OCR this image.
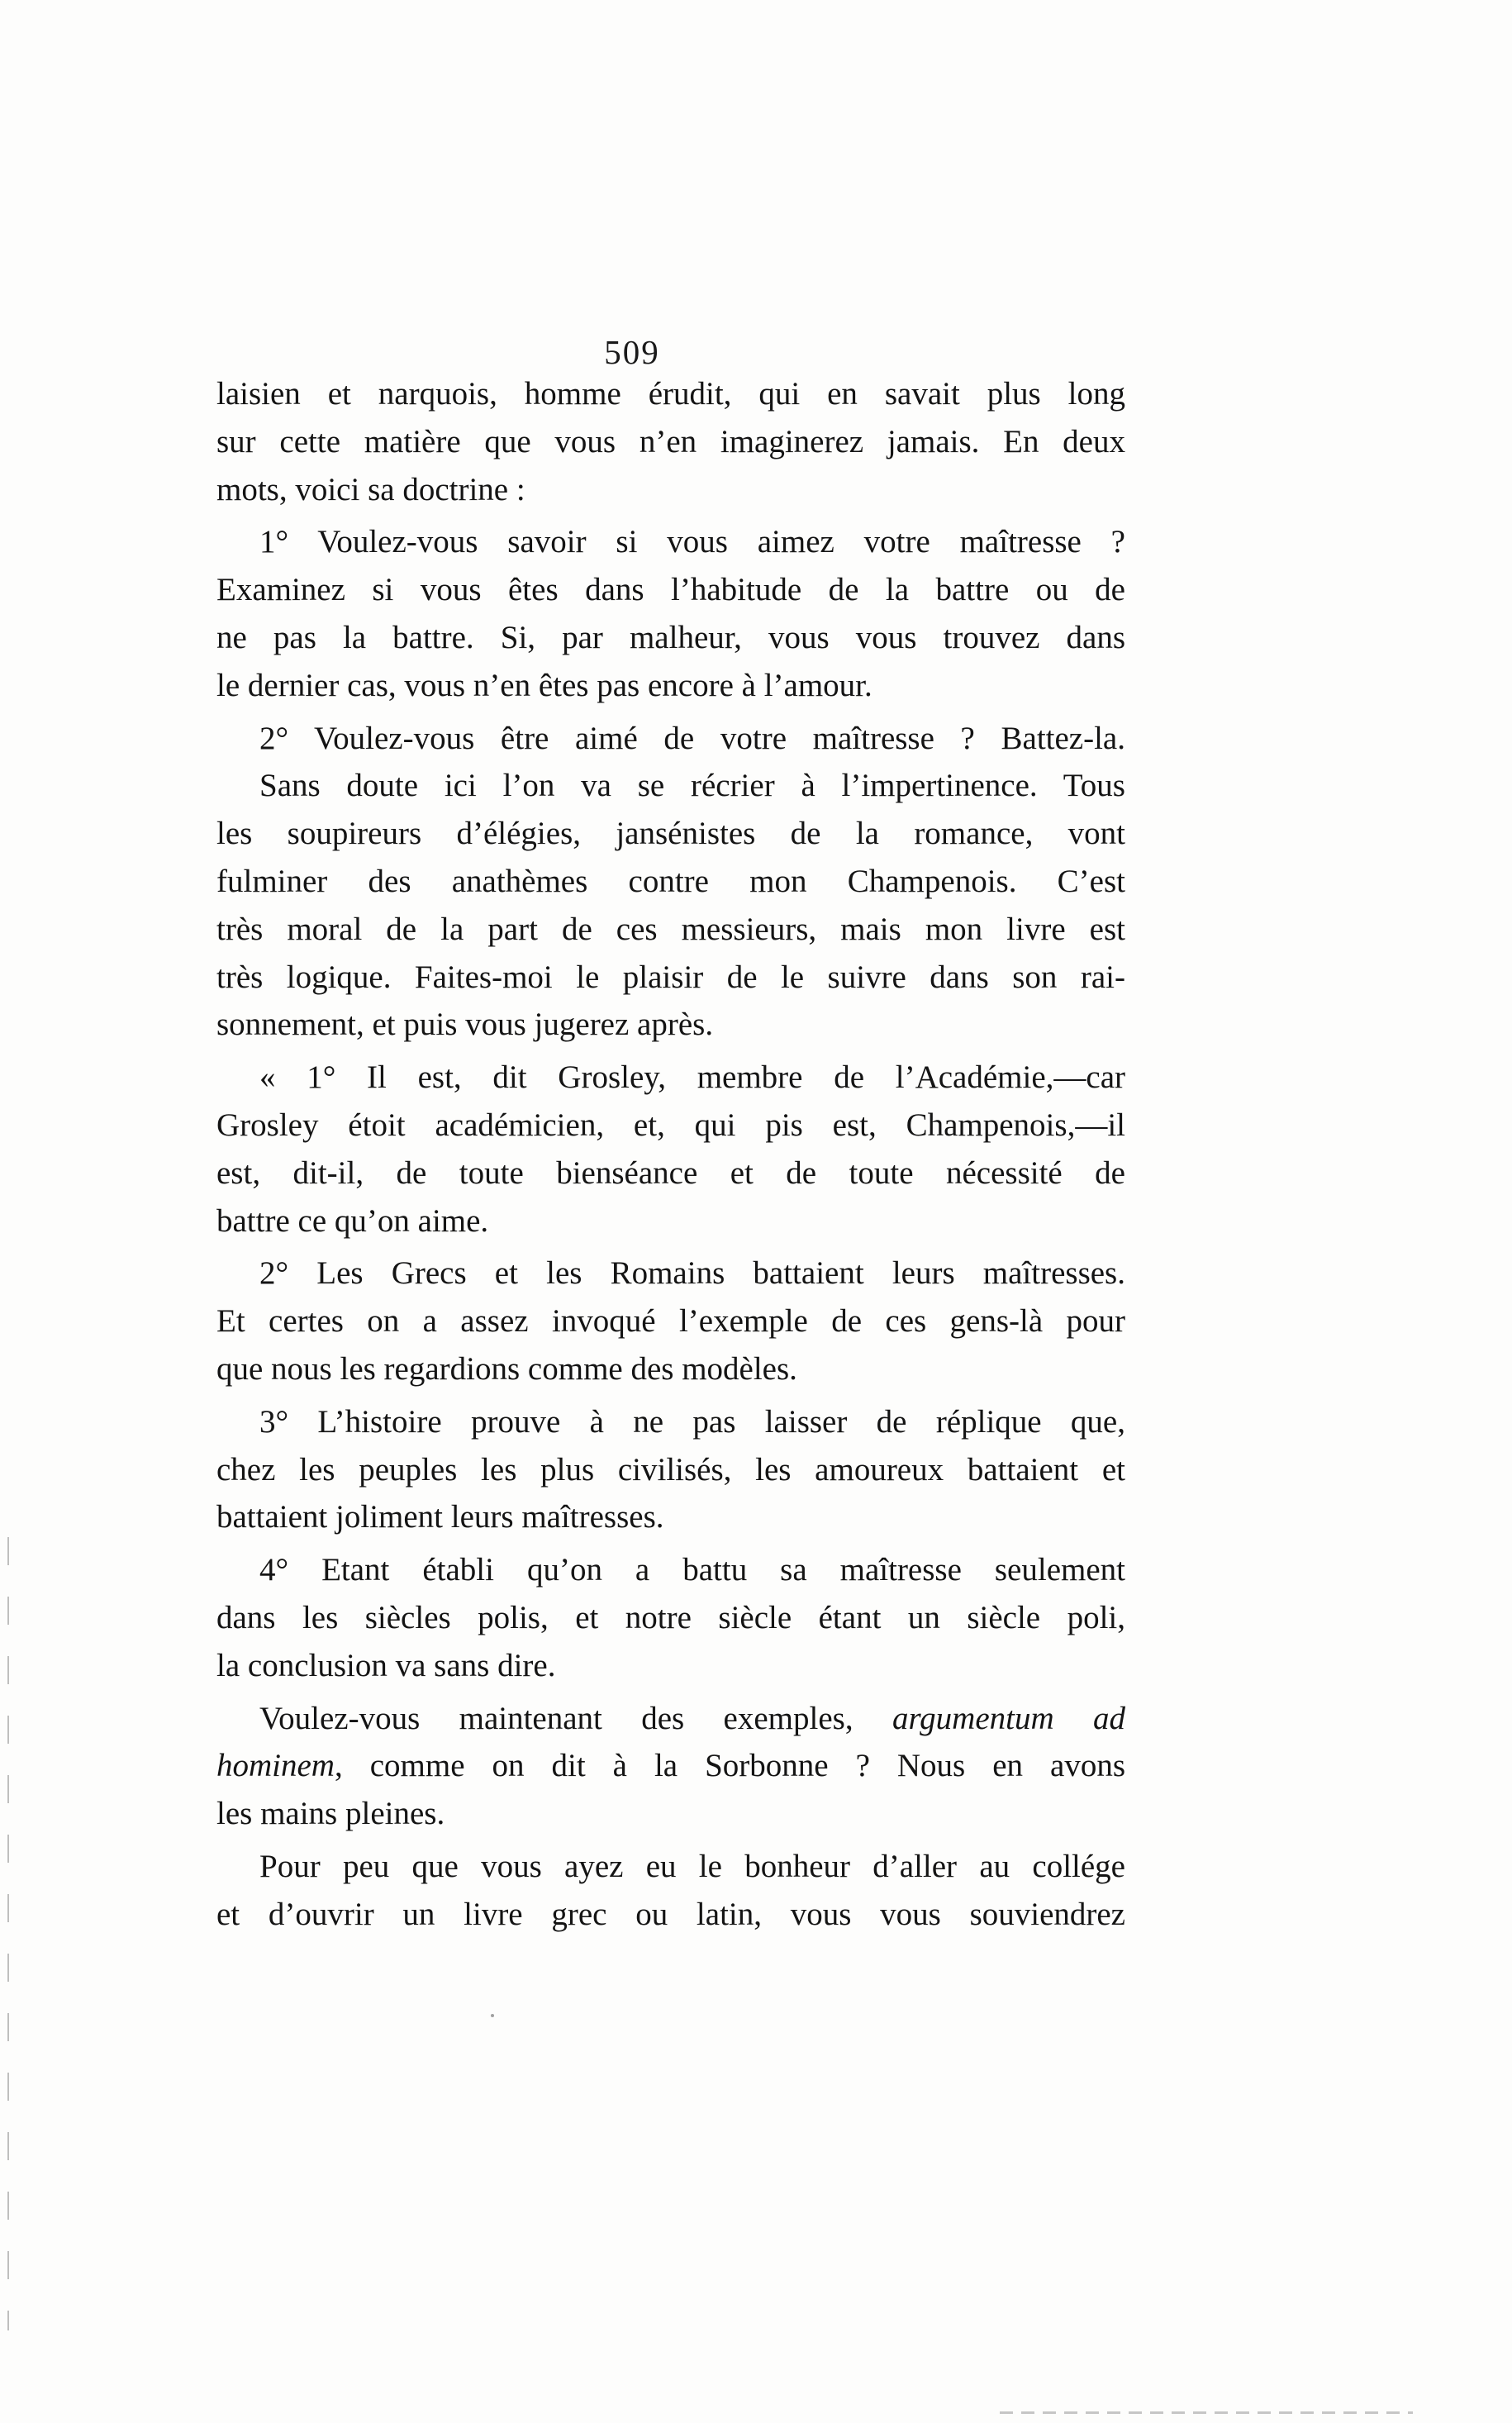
509
laisien et narquois, homme érudit, qui en savait plus long
sur cette matière que vous n’en imaginerez jamais. En deux
mots, voici sa doctrine :
1° Voulez-vous savoir si vous aimez votre maîtresse ?
Examinez si vous êtes dans l’habitude de la battre ou de
ne pas la battre. Si, par malheur, vous vous trouvez dans
le dernier cas, vous n’en êtes pas encore à l’amour.
2° Voulez-vous être aimé de votre maîtresse ? Battez-la.
Sans doute ici l’on va se récrier à l’impertinence. Tous
les soupireurs d’élégies, jansénistes de la romance, vont
fulminer des anathèmes contre mon Champenois. C’est
très moral de la part de ces messieurs, mais mon livre est
très logique. Faites-moi le plaisir de le suivre dans son rai-
sonnement, et puis vous jugerez après.
« 1° Il est, dit Grosley, membre de l’Académie,—car
Grosley étoit académicien, et, qui pis est, Champenois,—il
est, dit-il, de toute bienséance et de toute nécessité de
battre ce qu’on aime.
2° Les Grecs et les Romains battaient leurs maîtresses.
Et certes on a assez invoqué l’exemple de ces gens-là pour
que nous les regardions comme des modèles.
3° L’histoire prouve à ne pas laisser de réplique que,
chez les peuples les plus civilisés, les amoureux battaient et
battaient joliment leurs maîtresses.
4° Etant établi qu’on a battu sa maîtresse seulement
dans les siècles polis, et notre siècle étant un siècle poli,
la conclusion va sans dire.
Voulez-vous maintenant des exemples, argumentum ad
hominem, comme on dit à la Sorbonne ? Nous en avons
les mains pleines.
Pour peu que vous ayez eu le bonheur d’aller au collége
et d’ouvrir un livre grec ou latin, vous vous souviendrez
